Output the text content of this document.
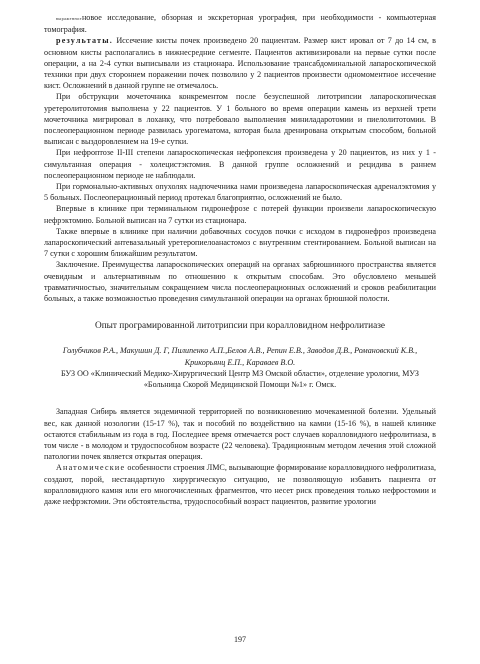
выраженноеновое исследование, обзорная и экскреторная урография, при необходимости - компьютерная томография.

результаты. Иссечение кисты почек произведено 20 пациентам. Размер кист ировал от 7 до 14 см, в основном кисты располагались в нижнесредние сегменте. Пациентов активизировали на первые сутки после операции, а на 2-4 сутки выписывали из стационара. Использование трансабдоминальной лапароскопической техники при двух стороннем поражении почек позволило у 2 пациентов произвести одномоментное иссечение кист. Осложнений в данной группе не отмечалось.

При обструкции мочеточника конкрементом после безуспешной литотрипсии лапароскопическая уретеролитотомия выполнена у 22 пациентов. У 1 больного во время операции камень из верхней трети мочеточника мигрировал в лоханку, что потребовало выполнения миниладаротомии и пиелолитотомии. В послеоперационном периоде развилась урогематома, которая была дренирована открытым способом, больной выписан с выздоровлением на 19-е сутки.

При нефроптозе II-III степени лапароскопическая нефропексия произведена у 20 пациентов, из них у 1 - симультанная операция - холецистэктомия. В данной группе осложнений и рецидива в раннем послеоперационном периоде не наблюдали.

При гормонально-активных опухолях надпочечника нами произведена лапароскопическая адреналэктомия у 5 больных. Послеоперационный период протекал благоприятно, осложнений не было.

Впервые в клинике при терминальном гидронефрозе с потерей функции произвели лапароскопическую нефрэктомию. Больной выписан на 7 сутки из стационара.

Также впервые в клинике при наличии добавочных сосудов почки с исходом в гидронефроз произведена лапароскопический антевазальный уретеропиелоанастомоз с внутренним стентированием. Больной выписан на 7 сутки с хорошим ближайшим результатом.

Заключение. Преимущества лапароскопических операций на органах забрюшинного пространства является очевидным и альтернативным по отношению к открытым способам. Это обусловлено меньшей травматичностью, значительным сокращением числа послеоперационных осложнений и сроков реабилитации больных, а также возможностью проведения симультанной операции на органах брюшной полости.

Опыт програмированной литотрипсии при коралловидном нефролитиазе

Голубчиков Р.А., Макушин Д. Г, Пилипенко А.П.,Белов А.В., Репин Е.В., Заводов Д.В., Романовский К.В., Крикорьянц Е.П., Караваев В.О.

БУЗ ОО «Клинический Медико-Хирургический Центр МЗ Омской области», отделение урологии, МУЗ «Больница Скорой Медицинской Помощи №1» г. Омск.

Западная Сибирь является эндемичной территорией по возникновению мочекаменной болезни. Удельный вес, как данной нозологии (15-17 %), так и пособий по воздействию на камни (15-16 %), в нашей клинике остаются стабильным из года в год. Последнее время отмечается рост случаев коралловидного нефролитиаза, в том числе - в молодом и трудоспособном возрасте (22 человека). Традиционным методом лечения этой сложной патологии почек является открытая операция.

Анатомические особенности строения ЛМС, вызывающие формирование коралловидного нефролитиаза, создают, порой, нестандартную хирургическую ситуацию, не позволяющую избавить пациента от коралловидного камня или его многочисленных фрагментов, что несет риск проведения только нефростомии и даже нефрэктомии. Эти обстоятельства, трудоспособный возраст пациентов, развитие урологии

197
